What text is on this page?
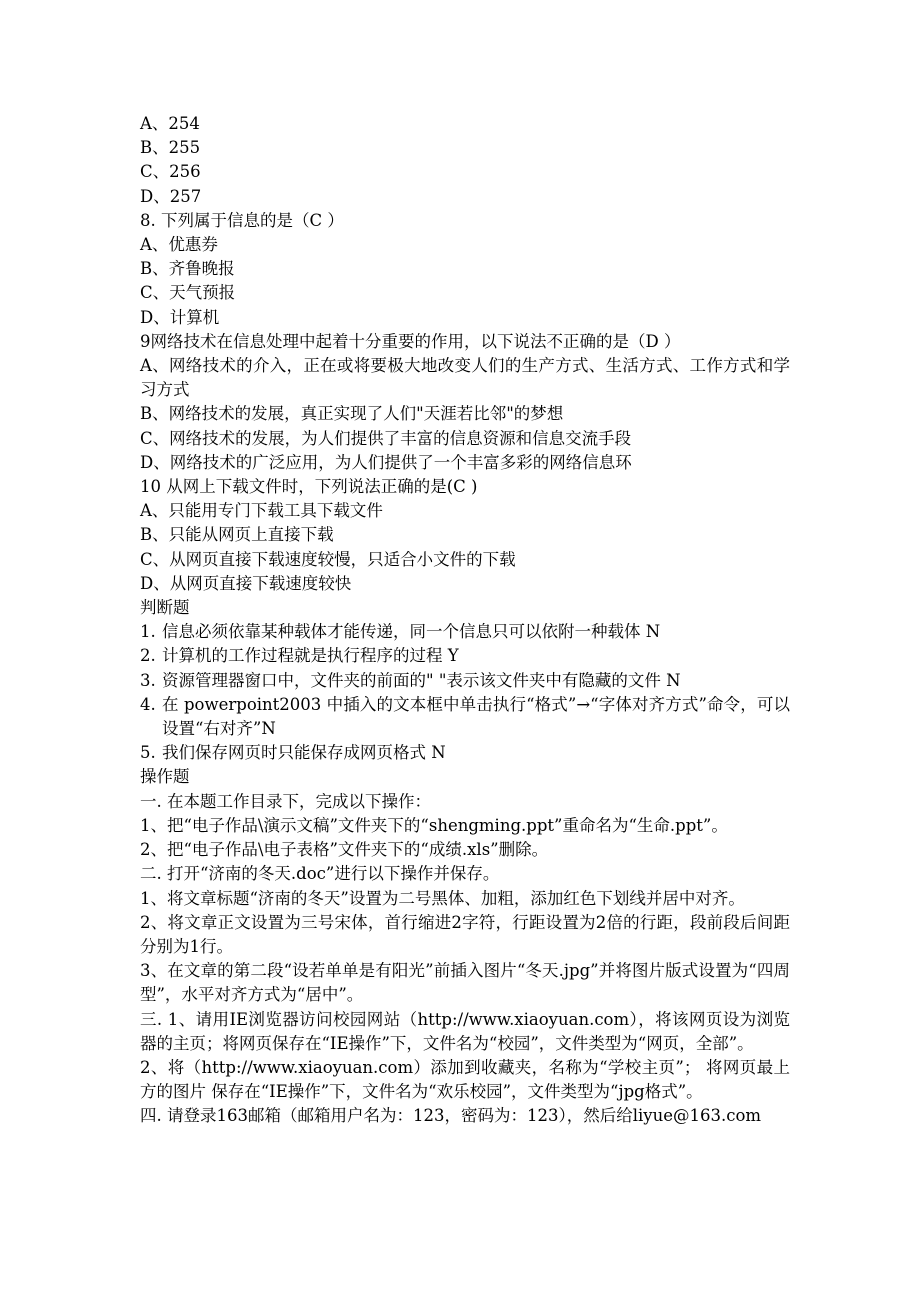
A、254
B、255
C、256
D、257
8. 下列属于信息的是（C ）
A、优惠券
B、齐鲁晚报
C、天气预报
D、计算机
9网络技术在信息处理中起着十分重要的作用，以下说法不正确的是（D ）
A、网络技术的介入，正在或将要极大地改变人们的生产方式、生活方式、工作方式和学习方式
B、网络技术的发展，真正实现了人们"天涯若比邻"的梦想
C、网络技术的发展，为人们提供了丰富的信息资源和信息交流手段
D、网络技术的广泛应用，为人们提供了一个丰富多彩的网络信息环
10 从网上下载文件时，下列说法正确的是(C )
A、只能用专门下载工具下载文件
B、只能从网页上直接下载
C、从网页直接下载速度较慢，只适合小文件的下载
D、从网页直接下载速度较快
判断题
1. 信息必须依靠某种载体才能传递，同一个信息只可以依附一种载体 N
2. 计算机的工作过程就是执行程序的过程 Y
3. 资源管理器窗口中，文件夹的前面的" "表示该文件夹中有隐藏的文件 N
4. 在 powerpoint2003 中插入的文本框中单击执行“格式”→“字体对齐方式”命令，可以设置“右对齐”N
5. 我们保存网页时只能保存成网页格式 N
操作题
一. 在本题工作目录下，完成以下操作：
1、把“电子作品\演示文稿”文件夹下的“shengming.ppt”重命名为“生命.ppt”。
2、把“电子作品\电子表格”文件夹下的“成绩.xls”删除。
二. 打开“济南的冬天.doc”进行以下操作并保存。
1、将文章标题“济南的冬天”设置为二号黑体、加粗，添加红色下划线并居中对齐。
2、将文章正文设置为三号宋体，首行缩进2字符，行距设置为2倍的行距，段前段后间距分别为1行。
3、在文章的第二段“设若单单是有阳光”前插入图片“冬天.jpg”并将图片版式设置为“四周型”，水平对齐方式为“居中”。
三. 1、请用IE浏览器访问校园网站（http://www.xiaoyuan.com），将该网页设为浏览器的主页；将网页保存在“IE操作”下，文件名为“校园”，文件类型为“网页，全部”。
2、将（http://www.xiaoyuan.com）添加到收藏夹，名称为“学校主页”； 将网页最上方的图片 保存在“IE操作”下，文件名为“欢乐校园”，文件类型为“jpg格式”。
四. 请登录163邮箱（邮箱用户名为：123，密码为：123），然后给liyue@163.com
